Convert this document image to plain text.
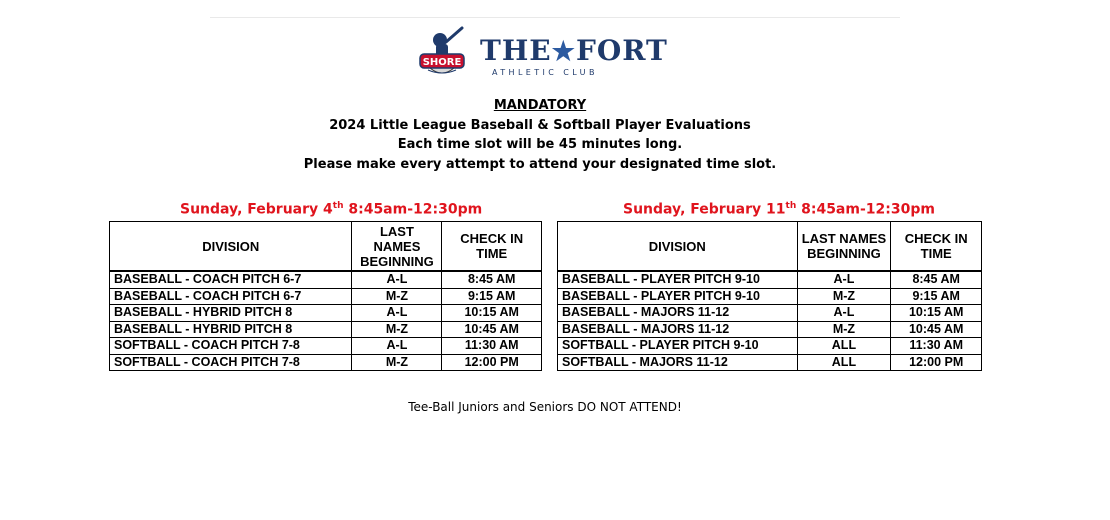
SHORE THE★FORT
ATHLETIC CLUB
MANDATORY
2024 Little League Baseball & Softball Player Evaluations
Each time slot will be 45 minutes long.
Please make every attempt to attend your designated time slot.
Sunday, February 4th 8:45am-12:30pm	Sunday, February 11th 8:45am-12:30pm
DIVISION	LAST NAMES BEGINNING	CHECK IN TIME
BASEBALL - COACH PITCH 6-7	A-L	8:45 AM
BASEBALL - COACH PITCH 6-7	M-Z	9:15 AM
BASEBALL - HYBRID PITCH 8	A-L	10:15 AM
BASEBALL - HYBRID PITCH 8	M-Z	10:45 AM
SOFTBALL - COACH PITCH 7-8	A-L	11:30 AM
SOFTBALL - COACH PITCH 7-8	M-Z	12:00 PM
DIVISION	LAST NAMES BEGINNING	CHECK IN TIME
BASEBALL - PLAYER PITCH 9-10	A-L	8:45 AM
BASEBALL - PLAYER PITCH 9-10	M-Z	9:15 AM
BASEBALL - MAJORS 11-12	A-L	10:15 AM
BASEBALL - MAJORS 11-12	M-Z	10:45 AM
SOFTBALL - PLAYER PITCH 9-10	ALL	11:30 AM
SOFTBALL - MAJORS 11-12	ALL	12:00 PM
Tee-Ball Juniors and Seniors DO NOT ATTEND!
